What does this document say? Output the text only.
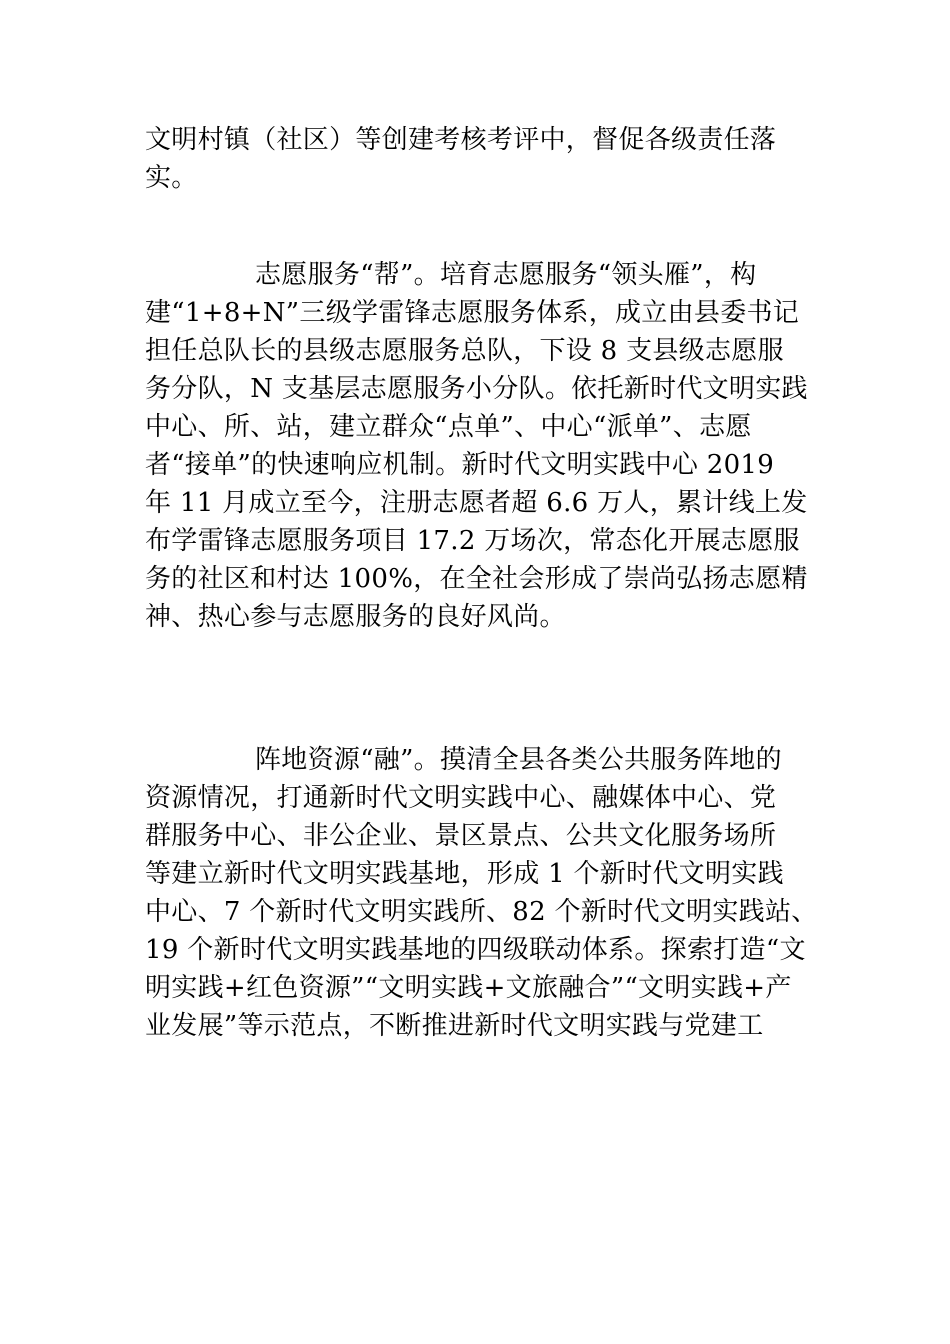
文明村镇（社区）等创建考核考评中，督促各级责任落
实。
志愿服务“帮”。培育志愿服务“领头雁”，构
建“1+8+N”三级学雷锋志愿服务体系，成立由县委书记
担任总队长的县级志愿服务总队，下设 8 支县级志愿服
务分队，N 支基层志愿服务小分队。依托新时代文明实践
中心、所、站，建立群众“点单”、中心“派单”、志愿
者“接单”的快速响应机制。新时代文明实践中心 2019
年 11 月成立至今，注册志愿者超 6.6 万人，累计线上发
布学雷锋志愿服务项目 17.2 万场次，常态化开展志愿服
务的社区和村达 100%，在全社会形成了崇尚弘扬志愿精
神、热心参与志愿服务的良好风尚。
阵地资源“融”。摸清全县各类公共服务阵地的
资源情况，打通新时代文明实践中心、融媒体中心、党
群服务中心、非公企业、景区景点、公共文化服务场所
等建立新时代文明实践基地，形成 1 个新时代文明实践
中心、7 个新时代文明实践所、82 个新时代文明实践站、
19 个新时代文明实践基地的四级联动体系。探索打造“文
明实践+红色资源”“文明实践+文旅融合”“文明实践+产
业发展”等示范点，不断推进新时代文明实践与党建工
